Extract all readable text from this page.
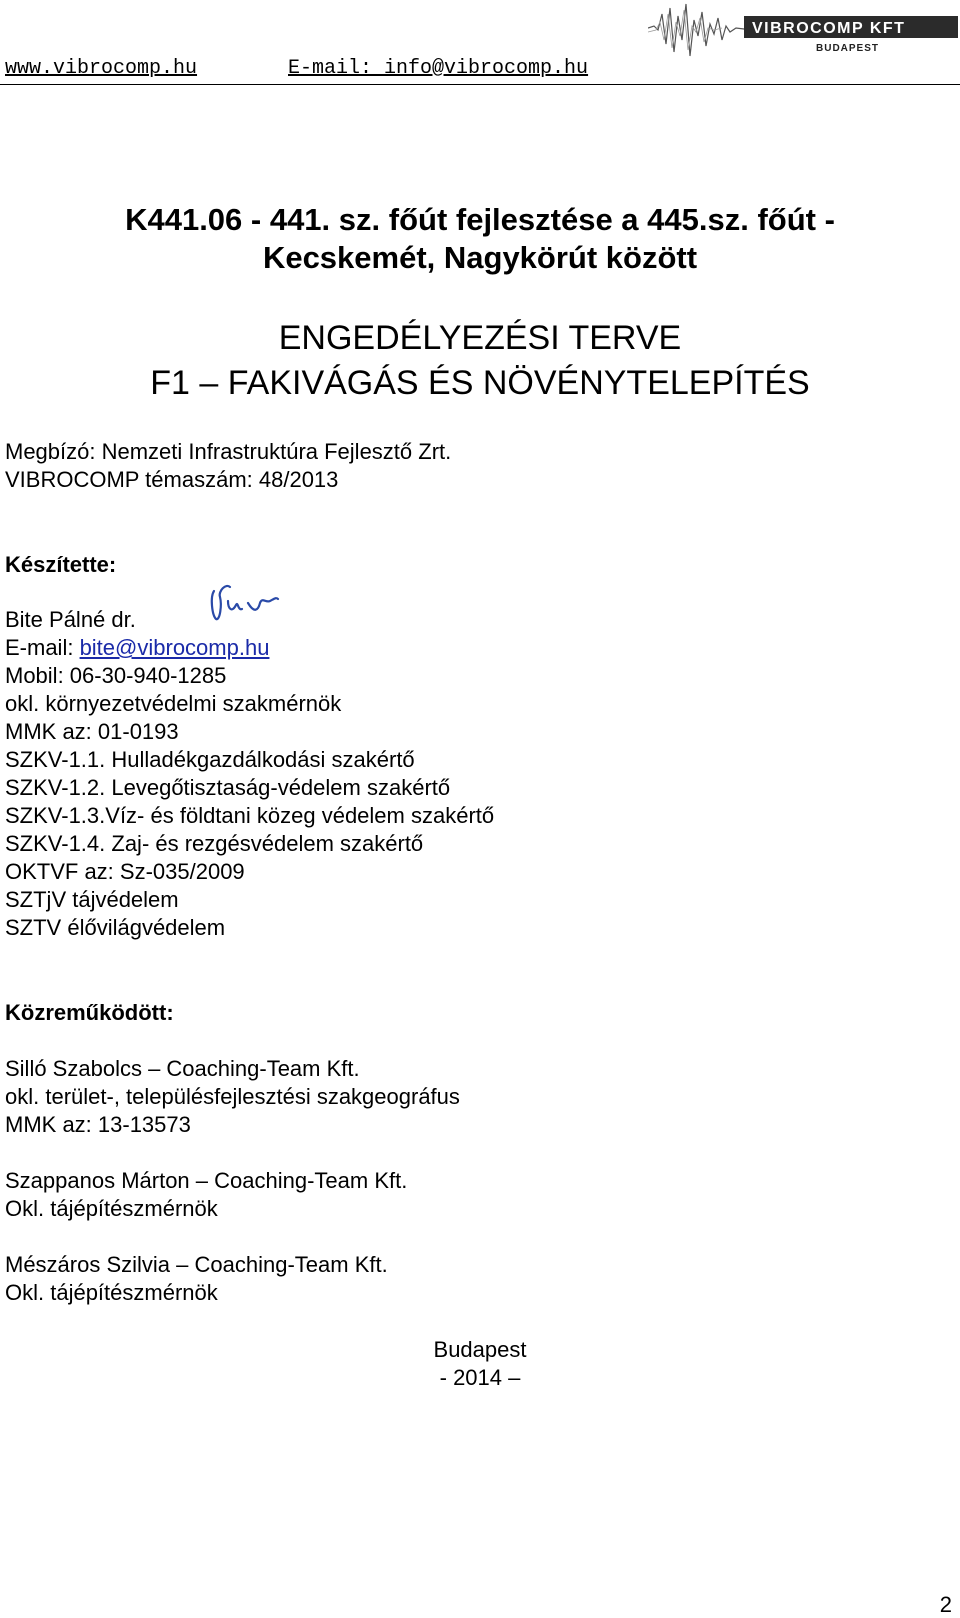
www.vibrocomp.hu	E-mail: info@vibrocomp.hu
VIBROCOMP KFT
BUDAPEST
K441.06 - 441. sz. főút fejlesztése a 445.sz. főút -
Kecskemét, Nagykörút között
ENGEDÉLYEZÉSI TERVE
F1 – FAKIVÁGÁS ÉS NÖVÉNYTELEPÍTÉS
Megbízó: Nemzeti Infrastruktúra Fejlesztő Zrt.
VIBROCOMP témaszám: 48/2013
Készítette:
Bite Pálné dr.
E-mail: bite@vibrocomp.hu
Mobil: 06-30-940-1285
okl. környezetvédelmi szakmérnök
MMK az: 01-0193
SZKV-1.1. Hulladékgazdálkodási szakértő
SZKV-1.2. Levegőtisztaság-védelem szakértő
SZKV-1.3.Víz- és földtani közeg védelem szakértő
SZKV-1.4. Zaj- és rezgésvédelem szakértő
OKTVF az: Sz-035/2009
SZTjV tájvédelem
SZTV élővilágvédelem
Közreműködött:
Silló Szabolcs – Coaching-Team Kft.
okl. terület-, településfejlesztési szakgeográfus
MMK az: 13-13573
Szappanos Márton – Coaching-Team Kft.
Okl. tájépítészmérnök
Mészáros Szilvia – Coaching-Team Kft.
Okl. tájépítészmérnök
Budapest
- 2014 –
2
